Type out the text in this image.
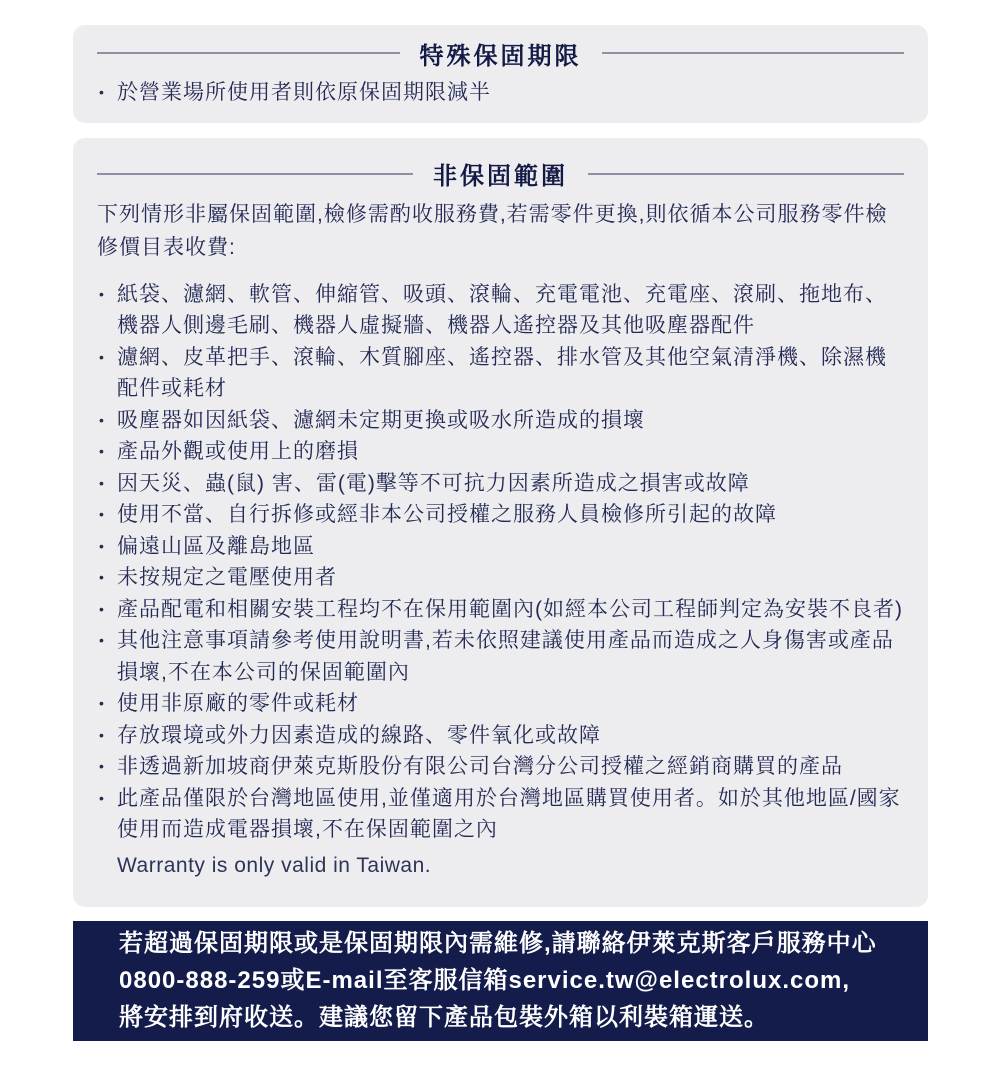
特殊保固期限
• 於營業場所使用者則依原保固期限減半
非保固範圍

下列情形非屬保固範圍,檢修需酌收服務費,若需零件更換,則依循本公司服務零件檢修價目表收費:

• 紙袋、濾網、軟管、伸縮管、吸頭、滾輪、充電電池、充電座、滾刷、拖地布、機器人側邊毛刷、機器人虛擬牆、機器人遙控器及其他吸塵器配件
• 濾網、皮革把手、滾輪、木質腳座、遙控器、排水管及其他空氣清淨機、除濕機配件或耗材
• 吸塵器如因紙袋、濾網未定期更換或吸水所造成的損壞
• 產品外觀或使用上的磨損
• 因天災、蟲(鼠) 害、雷(電)擊等不可抗力因素所造成之損害或故障
• 使用不當、自行拆修或經非本公司授權之服務人員檢修所引起的故障
• 偏遠山區及離島地區
• 未按規定之電壓使用者
• 產品配電和相關安裝工程均不在保用範圍內(如經本公司工程師判定為安裝不良者)
• 其他注意事項請參考使用說明書,若未依照建議使用產品而造成之人身傷害或產品損壞,不在本公司的保固範圍內
• 使用非原廠的零件或耗材
• 存放環境或外力因素造成的線路、零件氧化或故障
• 非透過新加坡商伊萊克斯股份有限公司台灣分公司授權之經銷商購買的產品
• 此產品僅限於台灣地區使用,並僅適用於台灣地區購買使用者。如於其他地區/國家使用而造成電器損壞,不在保固範圍之內

Warranty is only valid in Taiwan.

若超過保固期限或是保固期限內需維修,請聯絡伊萊克斯客戶服務中心
0800-888-259或E-mail至客服信箱service.tw@electrolux.com,
將安排到府收送。建議您留下產品包裝外箱以利裝箱運送。
